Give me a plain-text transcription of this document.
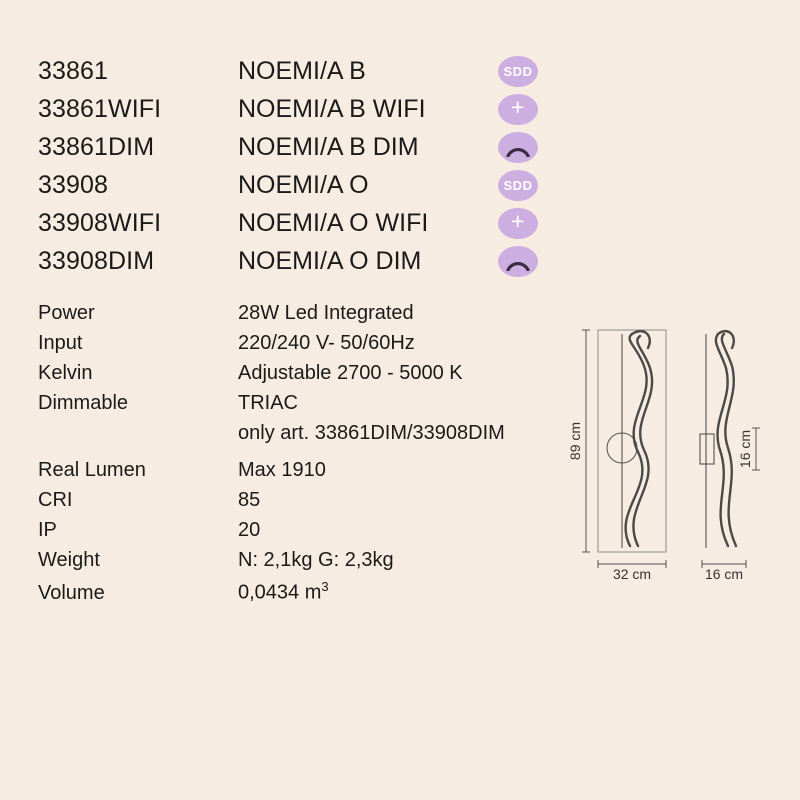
33861	NOEMI/A B	SDD
33861WIFI	NOEMI/A B WIFI	+
33861DIM	NOEMI/A B DIM
33908	NOEMI/A O	SDD
33908WIFI	NOEMI/A O WIFI	+
33908DIM	NOEMI/A O DIM
Power	28W Led Integrated
Input	220/240 V- 50/60Hz
Kelvin	Adjustable 2700 - 5000 K
Dimmable	TRIAC
only art. 33861DIM/33908DIM
Real Lumen	Max 1910
CRI	85
IP	20
Weight	N: 2,1kg G: 2,3kg
Volume	0,0434 $m^3$
89 cm
32 cm
16 cm
16 cm
